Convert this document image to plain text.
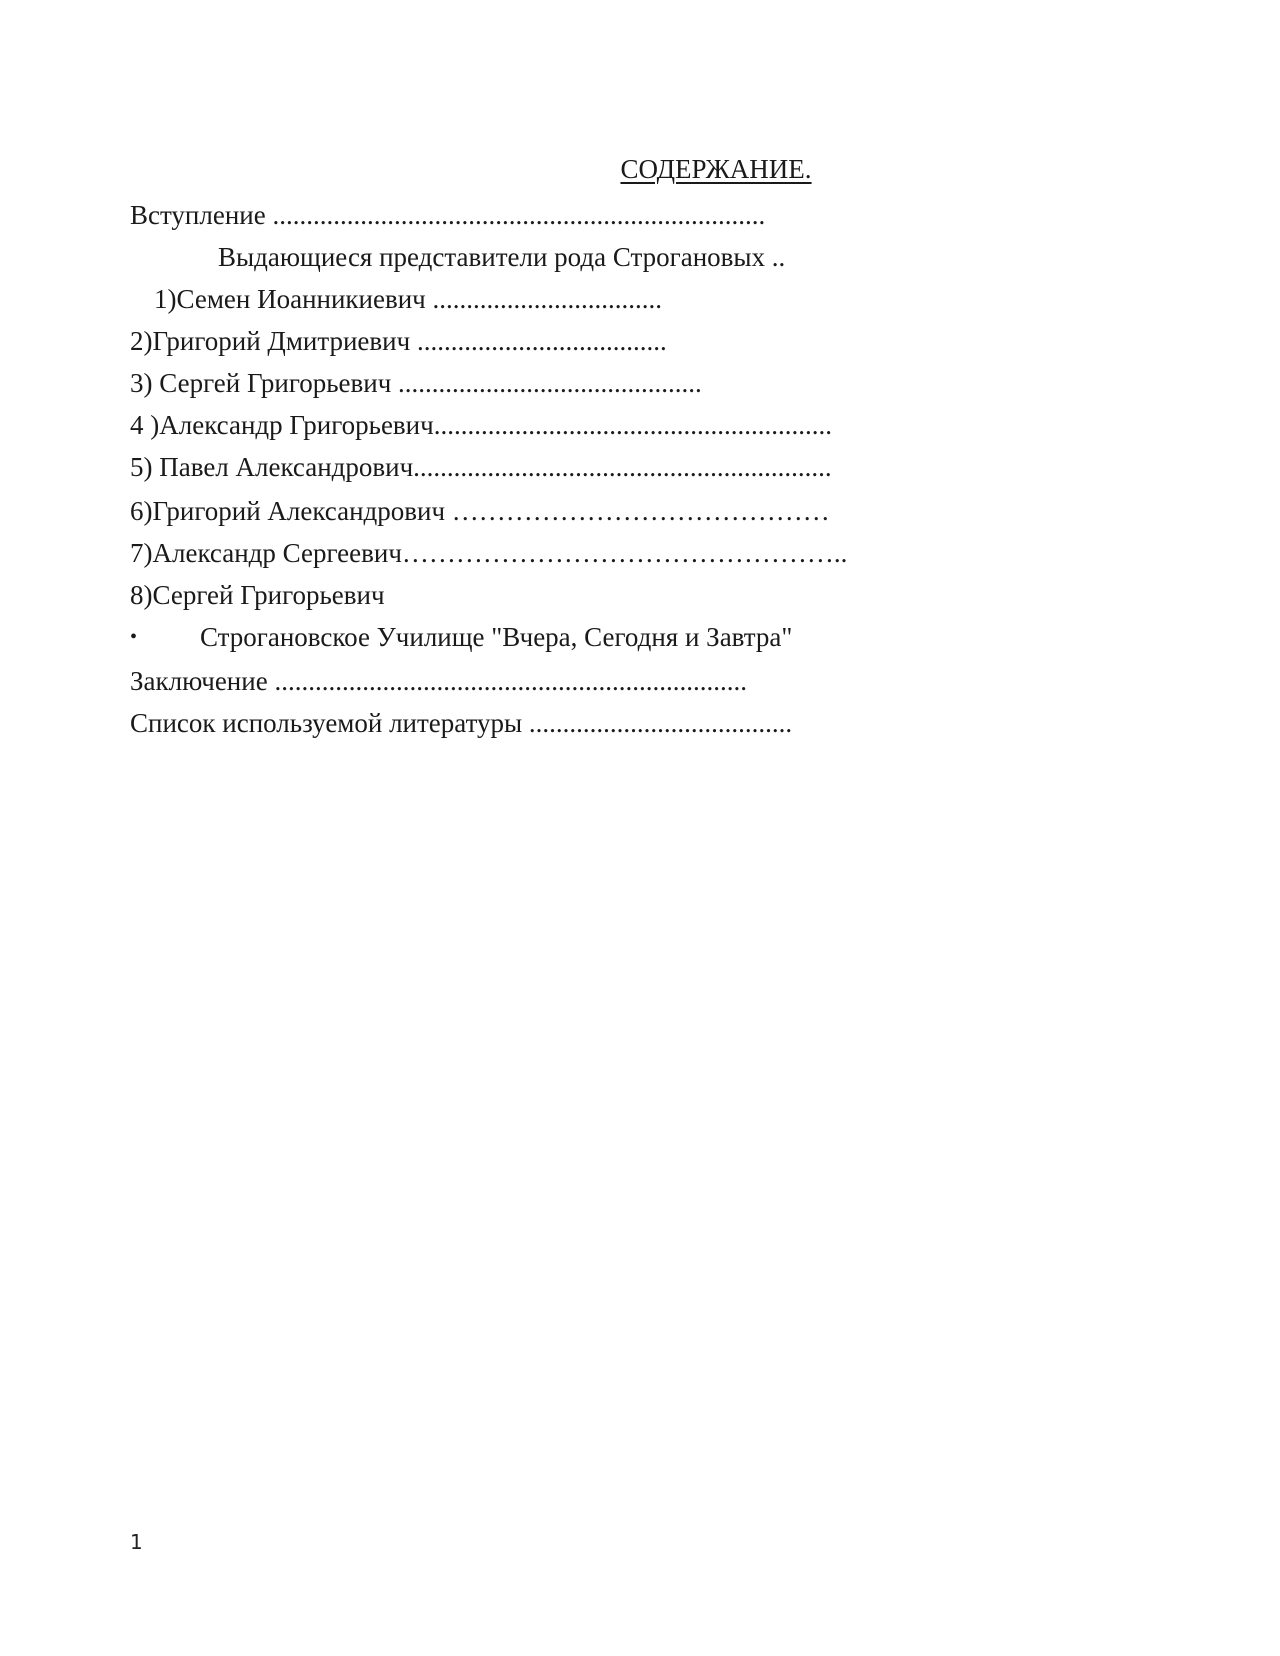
СОДЕРЖАНИЕ.
Вступление .........................................................................
Выдающиеся представители рода Строгановых ..
1)Семен Иоанникиевич ..................................
2)Григорий Дмитриевич .....................................
3) Сергей Григорьевич .............................................
4 )Александр Григорьевич...........................................................
5) Павел Александрович..............................................................
6)Григорий Александрович ……………………………………
7)Александр Сергеевич…………………………………………..
8)Сергей Григорьевич

•

Строгановское Училище "Вчера, Сегодня и Завтра"

Заключение ......................................................................
Список используемой литературы .......................................
1
